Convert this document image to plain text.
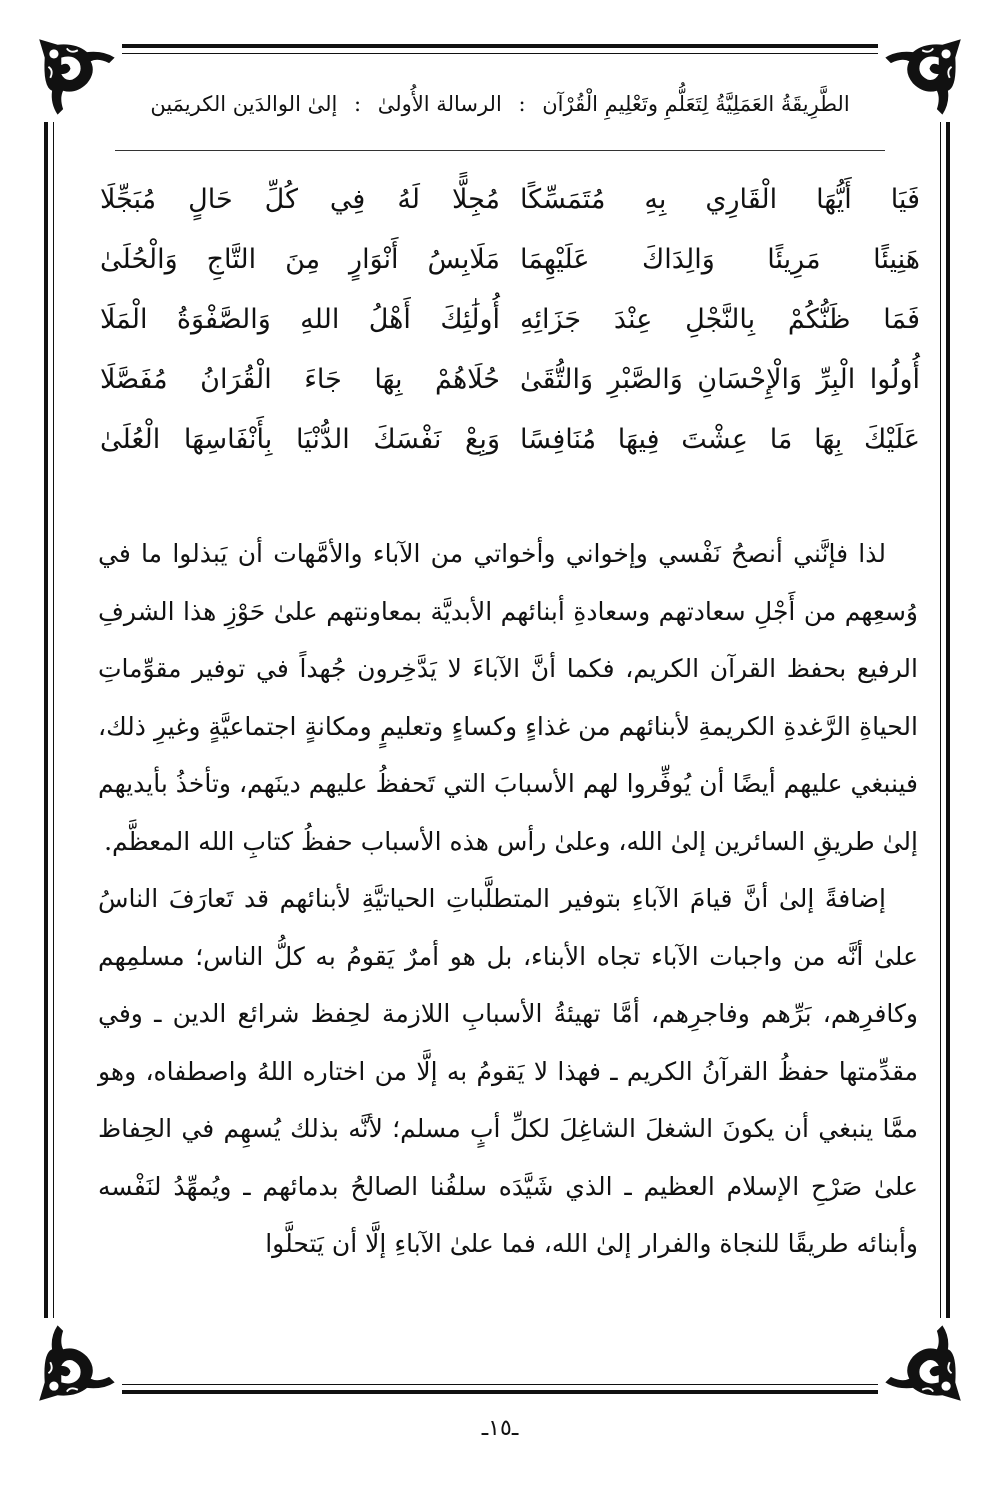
الطَّرِيقَةُ العَمَلِيَّةُ لِتَعَلُّمِ وتَعْلِيمِ الْقُرْآن : الرسالة الأُولىٰ : إلىٰ الوالدَين الكريمَين
فَيَا أَيُّهَا الْقَارِي بِهِ مُتَمَسِّكًا
مُجِلًّا لَهُ فِي كُلِّ حَالٍ مُبَجِّلَا
هَنِيئًا مَرِيئًا وَالِدَاكَ عَلَيْهِمَا
مَلَابِسُ أَنْوَارٍ مِنَ التَّاجِ وَالْحُلَىٰ
فَمَا ظَنُّكُمْ بِالنَّجْلِ عِنْدَ جَزَائِهِ
أُولَٰئِكَ أَهْلُ اللهِ وَالصَّفْوَةُ الْمَلَا
أُولُوا الْبِرِّ وَالْإِحْسَانِ وَالصَّبْرِ وَالتُّقَىٰ
حُلَاهُمْ بِهَا جَاءَ الْقُرَانُ مُفَصَّلَا
عَلَيْكَ بِهَا مَا عِشْتَ فِيهَا مُنَافِسًا
وَبِعْ نَفْسَكَ الدُّنْيَا بِأَنْفَاسِهَا الْعُلَىٰ

لذا فإنَّني أنصحُ نَفْسي وإخواني وأخواتي من الآباء والأمَّهات أن يَبذلوا ما في وُسعِهم من أَجْلِ سعادتهم وسعادةِ أبنائهم الأبديَّة بمعاونتهم علىٰ حَوْزِ هذا الشرفِ الرفيع بحفظ القرآن الكريم، فكما أنَّ الآباءَ لا يَدَّخِرون جُهداً في توفير مقوِّماتِ الحياةِ الرَّغدةِ الكريمةِ لأبنائهم من غذاءٍ وكساءٍ وتعليمٍ ومكانةٍ اجتماعيَّةٍ وغيرِ ذلك، فينبغي عليهم أيضًا أن يُوفِّروا لهم الأسبابَ التي تَحفظُ عليهم دينَهم، وتأخذُ بأيديهم إلىٰ طريقِ السائرين إلىٰ الله، وعلىٰ رأس هذه الأسباب حفظُ كتابِ الله المعظَّم.

إضافةً إلىٰ أنَّ قيامَ الآباءِ بتوفير المتطلَّباتِ الحياتيَّةِ لأبنائهم قد تَعارَفَ الناسُ علىٰ أنَّه من واجبات الآباء تجاه الأبناء، بل هو أمرٌ يَقومُ به كلُّ الناس؛ مسلمِهم وكافرِهم، بَرِّهم وفاجرِهم، أمَّا تهيئةُ الأسبابِ اللازمة لحِفظ شرائع الدين ـ وفي مقدِّمتها حفظُ القرآنُ الكريم ـ فهذا لا يَقومُ به إلَّا من اختاره اللهُ واصطفاه، وهو ممَّا ينبغي أن يكونَ الشغلَ الشاغِلَ لكلِّ أبٍ مسلم؛ لأنَّه بذلك يُسهِم في الحِفاظ علىٰ صَرْحِ الإسلام العظيم ـ الذي شَيَّدَه سلفُنا الصالحُ بدمائهم ـ ويُمهِّدُ لنَفْسه وأبنائه طريقًا للنجاة والفرار إلىٰ الله، فما علىٰ الآباءِ إلَّا أن يَتحلَّوا

ـ١٥ـ
